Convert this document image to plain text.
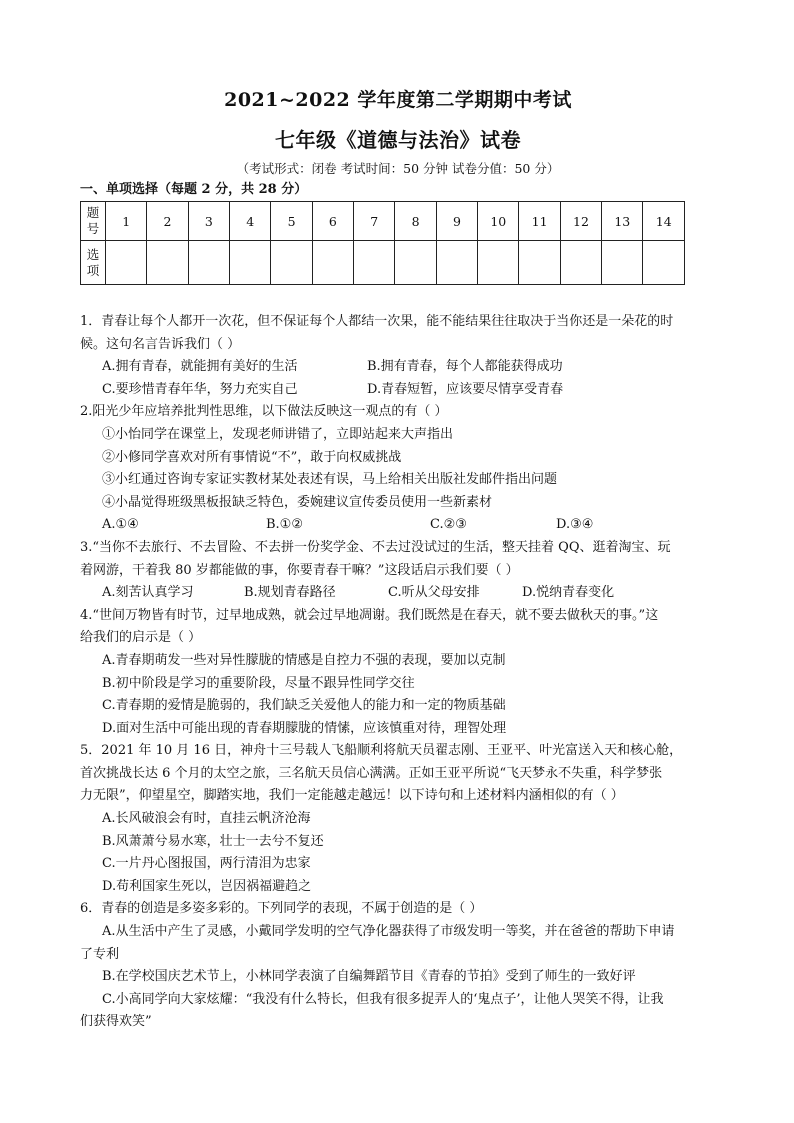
2021~2022 学年度第二学期期中考试
七年级《道德与法治》试卷
（考试形式：闭卷 考试时间：50 分钟 试卷分值：50 分）
一、单项选择（每题 2 分，共 28 分）
题号	1	2	3	4	5	6	7	8	9	10	11	12	13	14
选项														

1．青春让每个人都开一次花，但不保证每个人都结一次果，能不能结果往往取决于当你还是一朵花的时

候。这句名言告诉我们（ ）

A.拥有青春，就能拥有美好的生活	B.拥有青春，每个人都能获得成功
C.要珍惜青春年华，努力充实自己	D.青春短暂，应该要尽情享受青春

2.阳光少年应培养批判性思维，以下做法反映这一观点的有（ ）

①小怡同学在课堂上，发现老师讲错了，立即站起来大声指出

②小修同学喜欢对所有事情说“不”，敢于向权威挑战

③小红通过咨询专家证实教材某处表述有误，马上给相关出版社发邮件指出问题

④小晶觉得班级黑板报缺乏特色，委婉建议宣传委员使用一些新素材

A.①④	B.①②	C.②③	D.③④

3.“当你不去旅行、不去冒险、不去拼一份奖学金、不去过没试过的生活，整天挂着 QQ、逛着淘宝、玩

着网游，干着我 80 岁都能做的事，你要青春干嘛？”这段话启示我们要（ ）

A.刻苦认真学习	B.规划青春路径	C.听从父母安排	D.悦纳青春变化

4.“世间万物皆有时节，过早地成熟，就会过早地凋谢。我们既然是在春天，就不要去做秋天的事。”这

给我们的启示是（ ）

A.青春期萌发一些对异性朦胧的情感是自控力不强的表现，要加以克制

B.初中阶段是学习的重要阶段，尽量不跟异性同学交往

C.青春期的爱情是脆弱的，我们缺乏关爱他人的能力和一定的物质基础

D.面对生活中可能出现的青春期朦胧的情愫，应该慎重对待，理智处理

5．2021 年 10 月 16 日，神舟十三号载人飞船顺利将航天员翟志刚、王亚平、叶光富送入天和核心舱，

首次挑战长达 6 个月的太空之旅，三名航天员信心满满。正如王亚平所说“飞天梦永不失重，科学梦张

力无限”，仰望星空，脚踏实地，我们一定能越走越远！以下诗句和上述材料内涵相似的有（ ）

A.长风破浪会有时，直挂云帆济沧海

B.风萧萧兮易水寒，壮士一去兮不复还

C.一片丹心图报国，两行清泪为忠家

D.苟利国家生死以，岂因祸福避趋之

6．青春的创造是多姿多彩的。下列同学的表现，不属于创造的是（ ）

A.从生活中产生了灵感，小戴同学发明的空气净化器获得了市级发明一等奖，并在爸爸的帮助下申请

了专利

B.在学校国庆艺术节上，小林同学表演了自编舞蹈节目《青春的节拍》受到了师生的一致好评

C.小高同学向大家炫耀：“我没有什么特长，但我有很多捉弄人的‘鬼点子’，让他人哭笑不得，让我

们获得欢笑”
